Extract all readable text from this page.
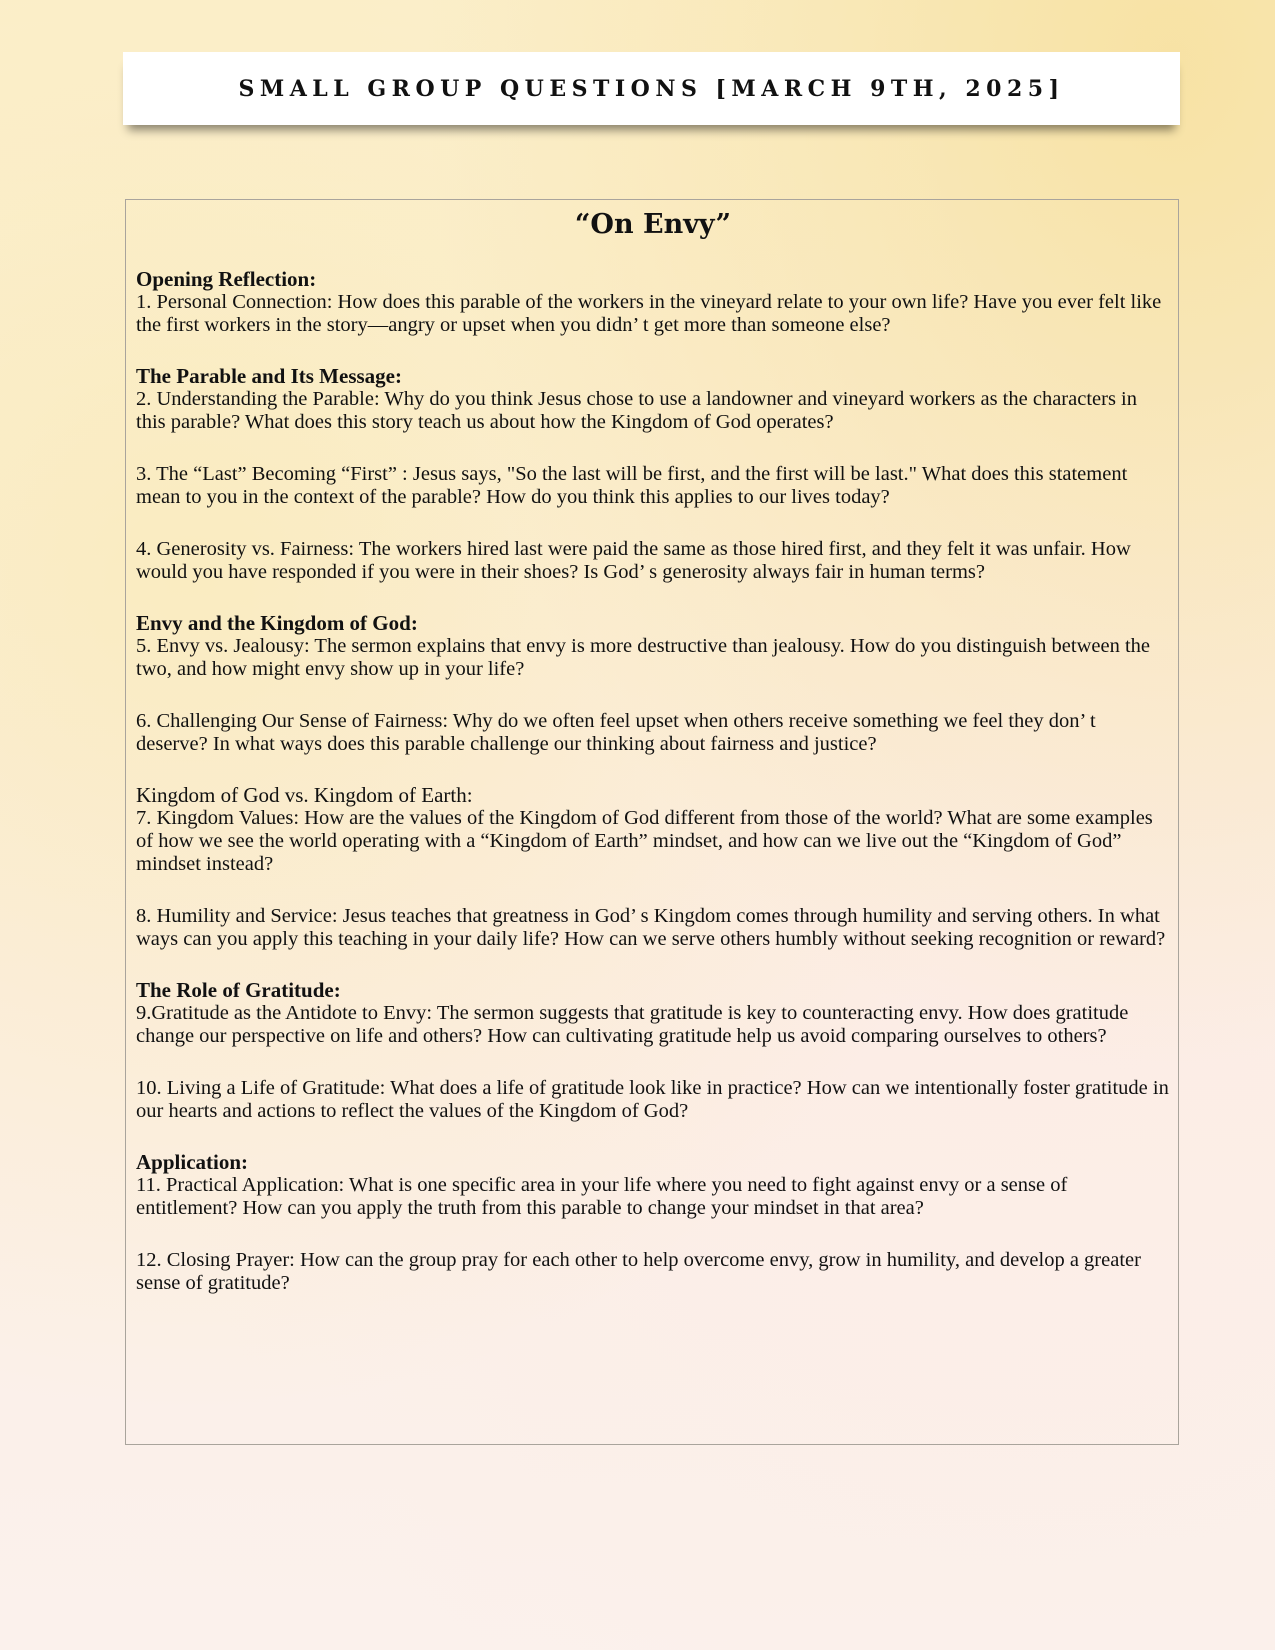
SMALL GROUP QUESTIONS [MARCH 9TH, 2025]
“On Envy”

Opening Reflection:

1. Personal Connection: How does this parable of the workers in the vineyard relate to your own life? Have you ever felt like the first workers in the story—angry or upset when you didn’ t get more than someone else?

The Parable and Its Message:

2. Understanding the Parable: Why do you think Jesus chose to use a landowner and vineyard workers as the characters in this parable? What does this story teach us about how the Kingdom of God operates?

3. The “Last” Becoming “First” : Jesus says, "So the last will be first, and the first will be last." What does this statement mean to you in the context of the parable? How do you think this applies to our lives today?

4. Generosity vs. Fairness: The workers hired last were paid the same as those hired first, and they felt it was unfair. How would you have responded if you were in their shoes? Is God’ s generosity always fair in human terms?

Envy and the Kingdom of God:

5. Envy vs. Jealousy: The sermon explains that envy is more destructive than jealousy. How do you distinguish between the two, and how might envy show up in your life?

6. Challenging Our Sense of Fairness: Why do we often feel upset when others receive something we feel they don’ t deserve? In what ways does this parable challenge our thinking about fairness and justice?

Kingdom of God vs. Kingdom of Earth:

7. Kingdom Values: How are the values of the Kingdom of God different from those of the world? What are some examples of how we see the world operating with a “Kingdom of Earth” mindset, and how can we live out the “Kingdom of God” mindset instead?

8. Humility and Service: Jesus teaches that greatness in God’ s Kingdom comes through humility and serving others. In what ways can you apply this teaching in your daily life? How can we serve others humbly without seeking recognition or reward?

The Role of Gratitude:

9.Gratitude as the Antidote to Envy: The sermon suggests that gratitude is key to counteracting envy. How does gratitude change our perspective on life and others? How can cultivating gratitude help us avoid comparing ourselves to others?

10. Living a Life of Gratitude: What does a life of gratitude look like in practice? How can we intentionally foster gratitude in our hearts and actions to reflect the values of the Kingdom of God?

Application:

11. Practical Application: What is one specific area in your life where you need to fight against envy or a sense of entitlement? How can you apply the truth from this parable to change your mindset in that area?

12. Closing Prayer: How can the group pray for each other to help overcome envy, grow in humility, and develop a greater sense of gratitude?
